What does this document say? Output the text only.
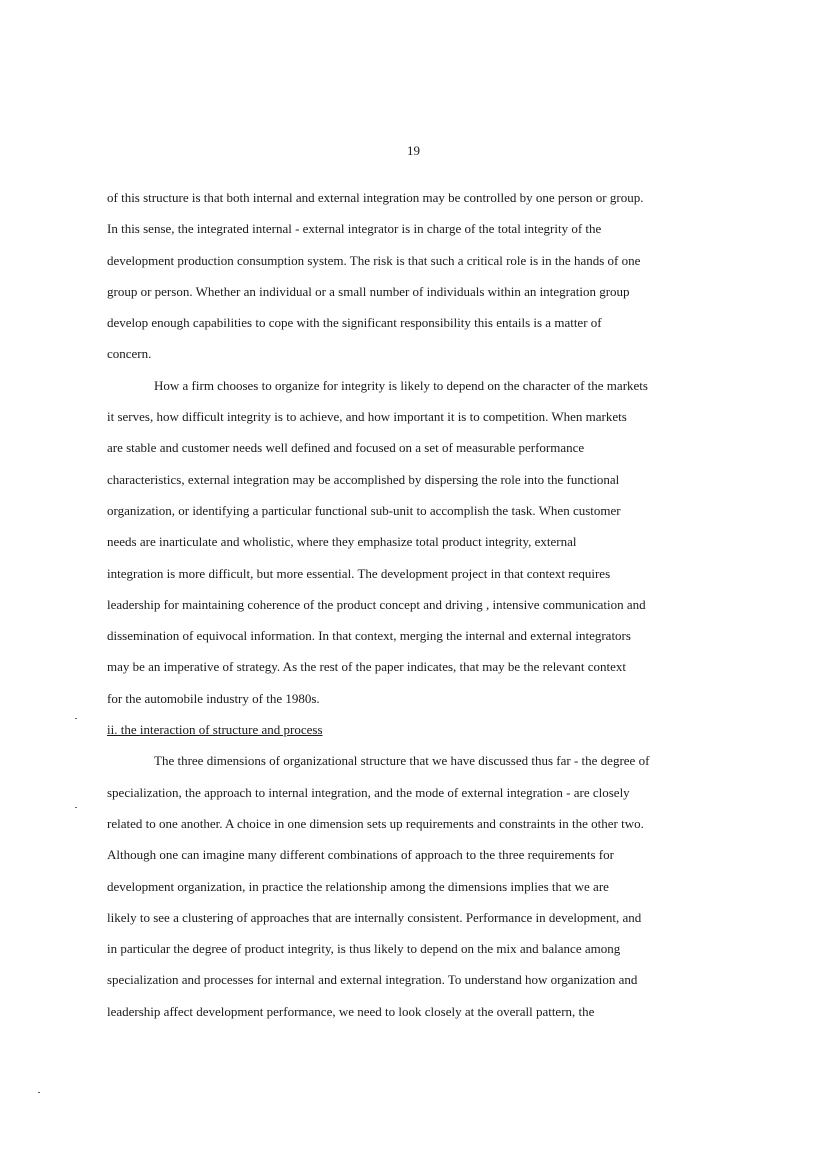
19
of this structure is that both internal and external integration may be controlled by one person or group.
In this sense, the integrated internal - external integrator is in charge of the total integrity of the
development production consumption system. The risk is that such a critical role is in the hands of one
group or person. Whether an individual or a small number of individuals within an integration group
develop enough capabilities to cope with the significant responsibility this entails is a matter of
concern.
How a firm chooses to organize for integrity is likely to depend on the character of the markets
it serves, how difficult integrity is to achieve, and how important it is to competition. When markets
are stable and customer needs well defined and focused on a set of measurable performance
characteristics, external integration may be accomplished by dispersing the role into the functional
organization, or identifying a particular functional sub-unit to accomplish the task. When customer
needs are inarticulate and wholistic, where they emphasize total product integrity, external
integration is more difficult, but more essential. The development project in that context requires
leadership for maintaining coherence of the product concept and driving , intensive communication and
dissemination of equivocal information. In that context, merging the internal and external integrators
may be an imperative of strategy. As the rest of the paper indicates, that may be the relevant context
for the automobile industry of the 1980s.
ii. the interaction of structure and process
The three dimensions of organizational structure that we have discussed thus far - the degree of
specialization, the approach to internal integration, and the mode of external integration - are closely
related to one another. A choice in one dimension sets up requirements and constraints in the other two.
Although one can imagine many different combinations of approach to the three requirements for
development organization, in practice the relationship among the dimensions implies that we are
likely to see a clustering of approaches that are internally consistent. Performance in development, and
in particular the degree of product integrity, is thus likely to depend on the mix and balance among
specialization and processes for internal and external integration. To understand how organization and
leadership affect development performance, we need to look closely at the overall pattern, the
